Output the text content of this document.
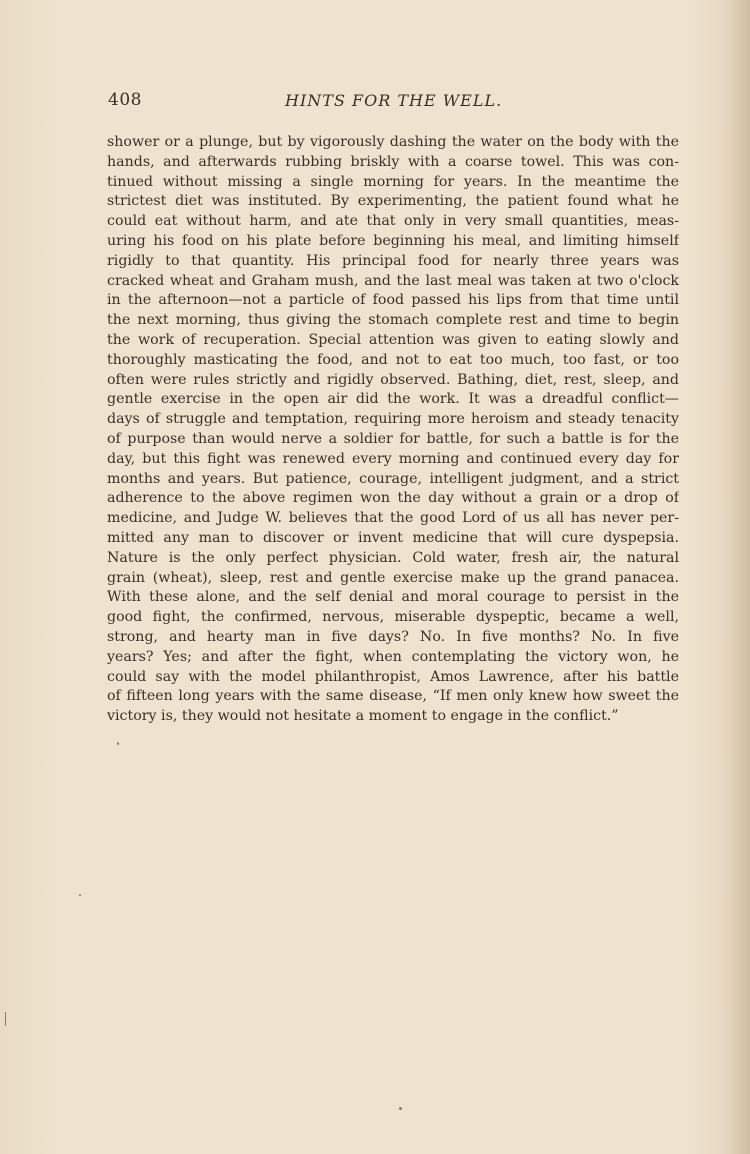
408	HINTS FOR THE WELL.
shower or a plunge, but by vigorously dashing the water on the body with the
hands, and afterwards rubbing briskly with a coarse towel. This was con-
tinued without missing a single morning for years. In the meantime the
strictest diet was instituted. By experimenting, the patient found what he
could eat without harm, and ate that only in very small quantities, meas-
uring his food on his plate before beginning his meal, and limiting himself
rigidly to that quantity. His principal food for nearly three years was
cracked wheat and Graham mush, and the last meal was taken at two o'clock
in the afternoon—not a particle of food passed his lips from that time until
the next morning, thus giving the stomach complete rest and time to begin
the work of recuperation. Special attention was given to eating slowly and
thoroughly masticating the food, and not to eat too much, too fast, or too
often were rules strictly and rigidly observed. Bathing, diet, rest, sleep, and
gentle exercise in the open air did the work. It was a dreadful conflict—
days of struggle and temptation, requiring more heroism and steady tenacity
of purpose than would nerve a soldier for battle, for such a battle is for the
day, but this fight was renewed every morning and continued every day for
months and years. But patience, courage, intelligent judgment, and a strict
adherence to the above regimen won the day without a grain or a drop of
medicine, and Judge W. believes that the good Lord of us all has never per-
mitted any man to discover or invent medicine that will cure dyspepsia.
Nature is the only perfect physician. Cold water, fresh air, the natural
grain (wheat), sleep, rest and gentle exercise make up the grand panacea.
With these alone, and the self denial and moral courage to persist in the
good fight, the confirmed, nervous, miserable dyspeptic, became a well,
strong, and hearty man in five days? No. In five months? No. In five
years? Yes; and after the fight, when contemplating the victory won, he
could say with the model philanthropist, Amos Lawrence, after his battle
of fifteen long years with the same disease, “If men only knew how sweet the
victory is, they would not hesitate a moment to engage in the conflict.”
